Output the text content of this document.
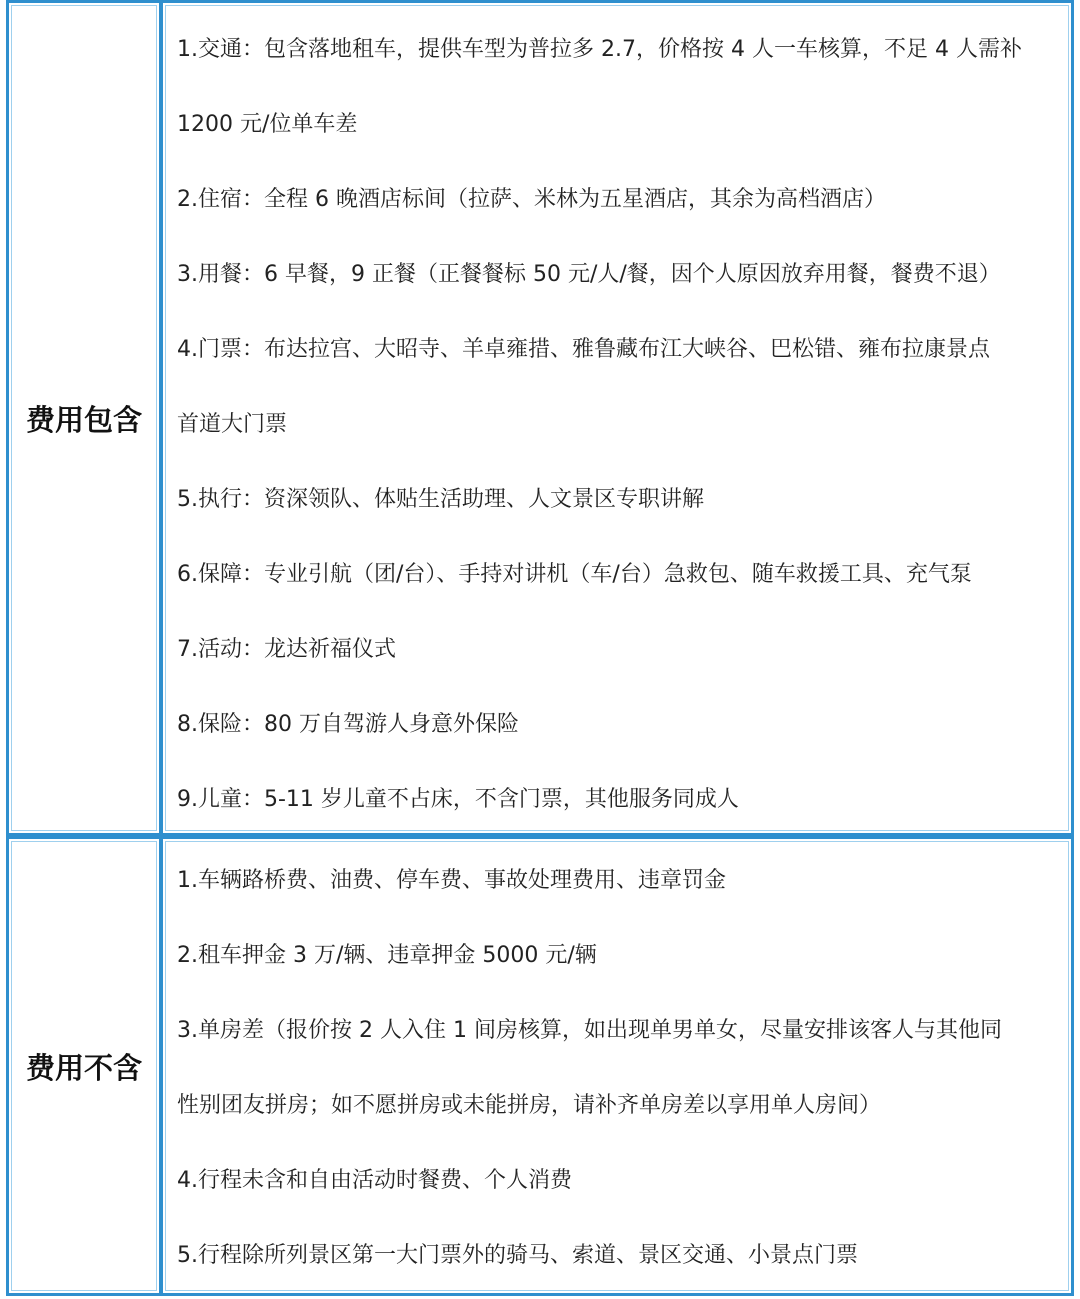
费用包含
1.交通：包含落地租车，提供车型为普拉多 2.7，价格按 4 人一车核算，不足 4 人需补
1200 元/位单车差
2.住宿：全程 6 晚酒店标间（拉萨、米林为五星酒店，其余为高档酒店）
3.用餐：6 早餐，9 正餐（正餐餐标 50 元/人/餐，因个人原因放弃用餐，餐费不退）
4.门票：布达拉宫、大昭寺、羊卓雍措、雅鲁藏布江大峡谷、巴松错、雍布拉康景点
首道大门票
5.执行：资深领队、体贴生活助理、人文景区专职讲解
6.保障：专业引航（团/台）、手持对讲机（车/台）急救包、随车救援工具、充气泵
7.活动：龙达祈福仪式
8.保险：80 万自驾游人身意外保险
9.儿童：5-11 岁儿童不占床，不含门票，其他服务同成人
费用不含
1.车辆路桥费、油费、停车费、事故处理费用、违章罚金
2.租车押金 3 万/辆、违章押金 5000 元/辆
3.单房差（报价按 2 人入住 1 间房核算，如出现单男单女，尽量安排该客人与其他同
性别团友拼房；如不愿拼房或未能拼房，请补齐单房差以享用单人房间）
4.行程未含和自由活动时餐费、个人消费
5.行程除所列景区第一大门票外的骑马、索道、景区交通、小景点门票
